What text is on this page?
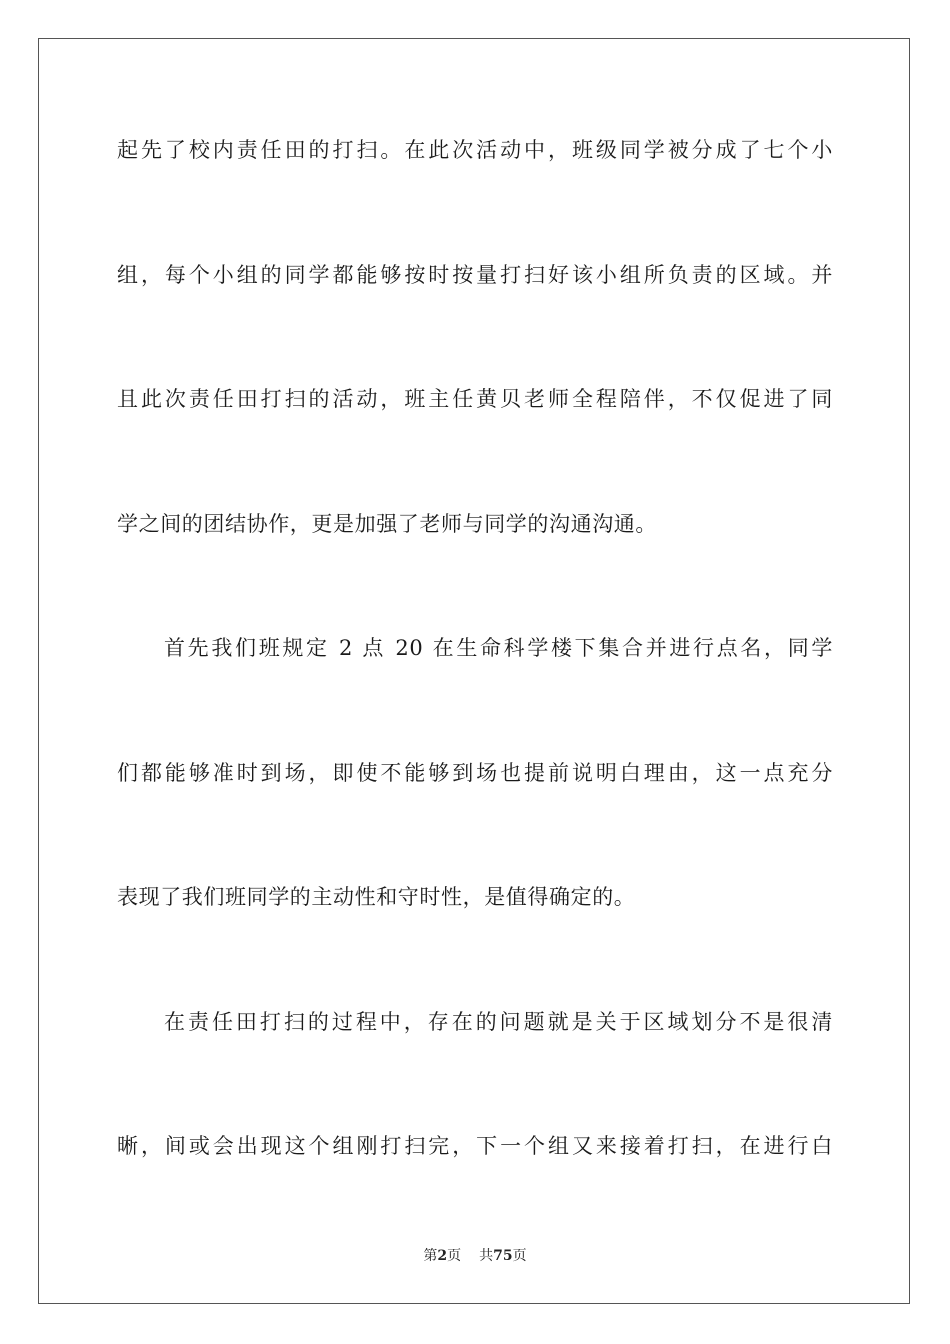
起先了校内责任田的打扫。在此次活动中，班级同学被分成了七个小

组，每个小组的同学都能够按时按量打扫好该小组所负责的区域。并

且此次责任田打扫的活动，班主任黄贝老师全程陪伴，不仅促进了同

学之间的团结协作，更是加强了老师与同学的沟通沟通。

首先我们班规定 2 点 20 在生命科学楼下集合并进行点名，同学

们都能够准时到场，即使不能够到场也提前说明白理由，这一点充分

表现了我们班同学的主动性和守时性，是值得确定的。

在责任田打扫的过程中，存在的问题就是关于区域划分不是很清

晰，间或会出现这个组刚打扫完，下一个组又来接着打扫，在进行白

第2页 共75页
